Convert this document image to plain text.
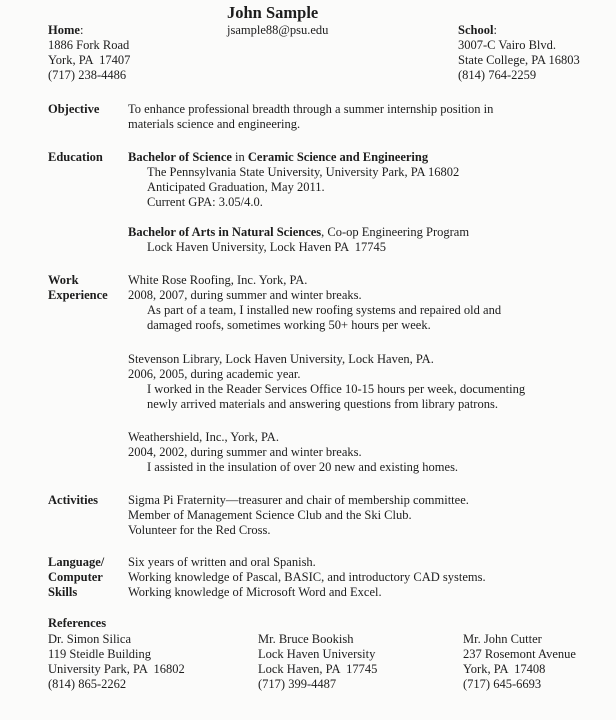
John Sample
Home:
1886 Fork Road
York, PA  17407
(717) 238-4486
jsample88@psu.edu	School:
3007-C Vairo Blvd.
State College, PA 16803
(814) 764-2259
Objective To enhance professional breadth through a summer internship position in
materials science and engineering.
Education Bachelor of Science in Ceramic Science and Engineering
The Pennsylvania State University, University Park, PA 16802
Anticipated Graduation, May 2011.
Current GPA: 3.05/4.0.
Bachelor of Arts in Natural Sciences, Co-op Engineering Program
Lock Haven University, Lock Haven PA  17745
Work
Experience
White Rose Roofing, Inc. York, PA.
2008, 2007, during summer and winter breaks.
As part of a team, I installed new roofing systems and repaired old and
damaged roofs, sometimes working 50+ hours per week.
Stevenson Library, Lock Haven University, Lock Haven, PA.
2006, 2005, during academic year.
I worked in the Reader Services Office 10-15 hours per week, documenting
newly arrived materials and answering questions from library patrons.
Weathershield, Inc., York, PA.
2004, 2002, during summer and winter breaks.
I assisted in the insulation of over 20 new and existing homes.
Activities Sigma Pi Fraternity—treasurer and chair of membership committee.
Member of Management Science Club and the Ski Club.
Volunteer for the Red Cross.
Language/
Computer
Skills
Six years of written and oral Spanish.
Working knowledge of Pascal, BASIC, and introductory CAD systems.
Working knowledge of Microsoft Word and Excel.
References
Dr. Simon Silica
119 Steidle Building
University Park, PA  16802
(814) 865-2262
Mr. Bruce Bookish
Lock Haven University
Lock Haven, PA  17745
(717) 399-4487
Mr. John Cutter
237 Rosemont Avenue
York, PA  17408
(717) 645-6693
